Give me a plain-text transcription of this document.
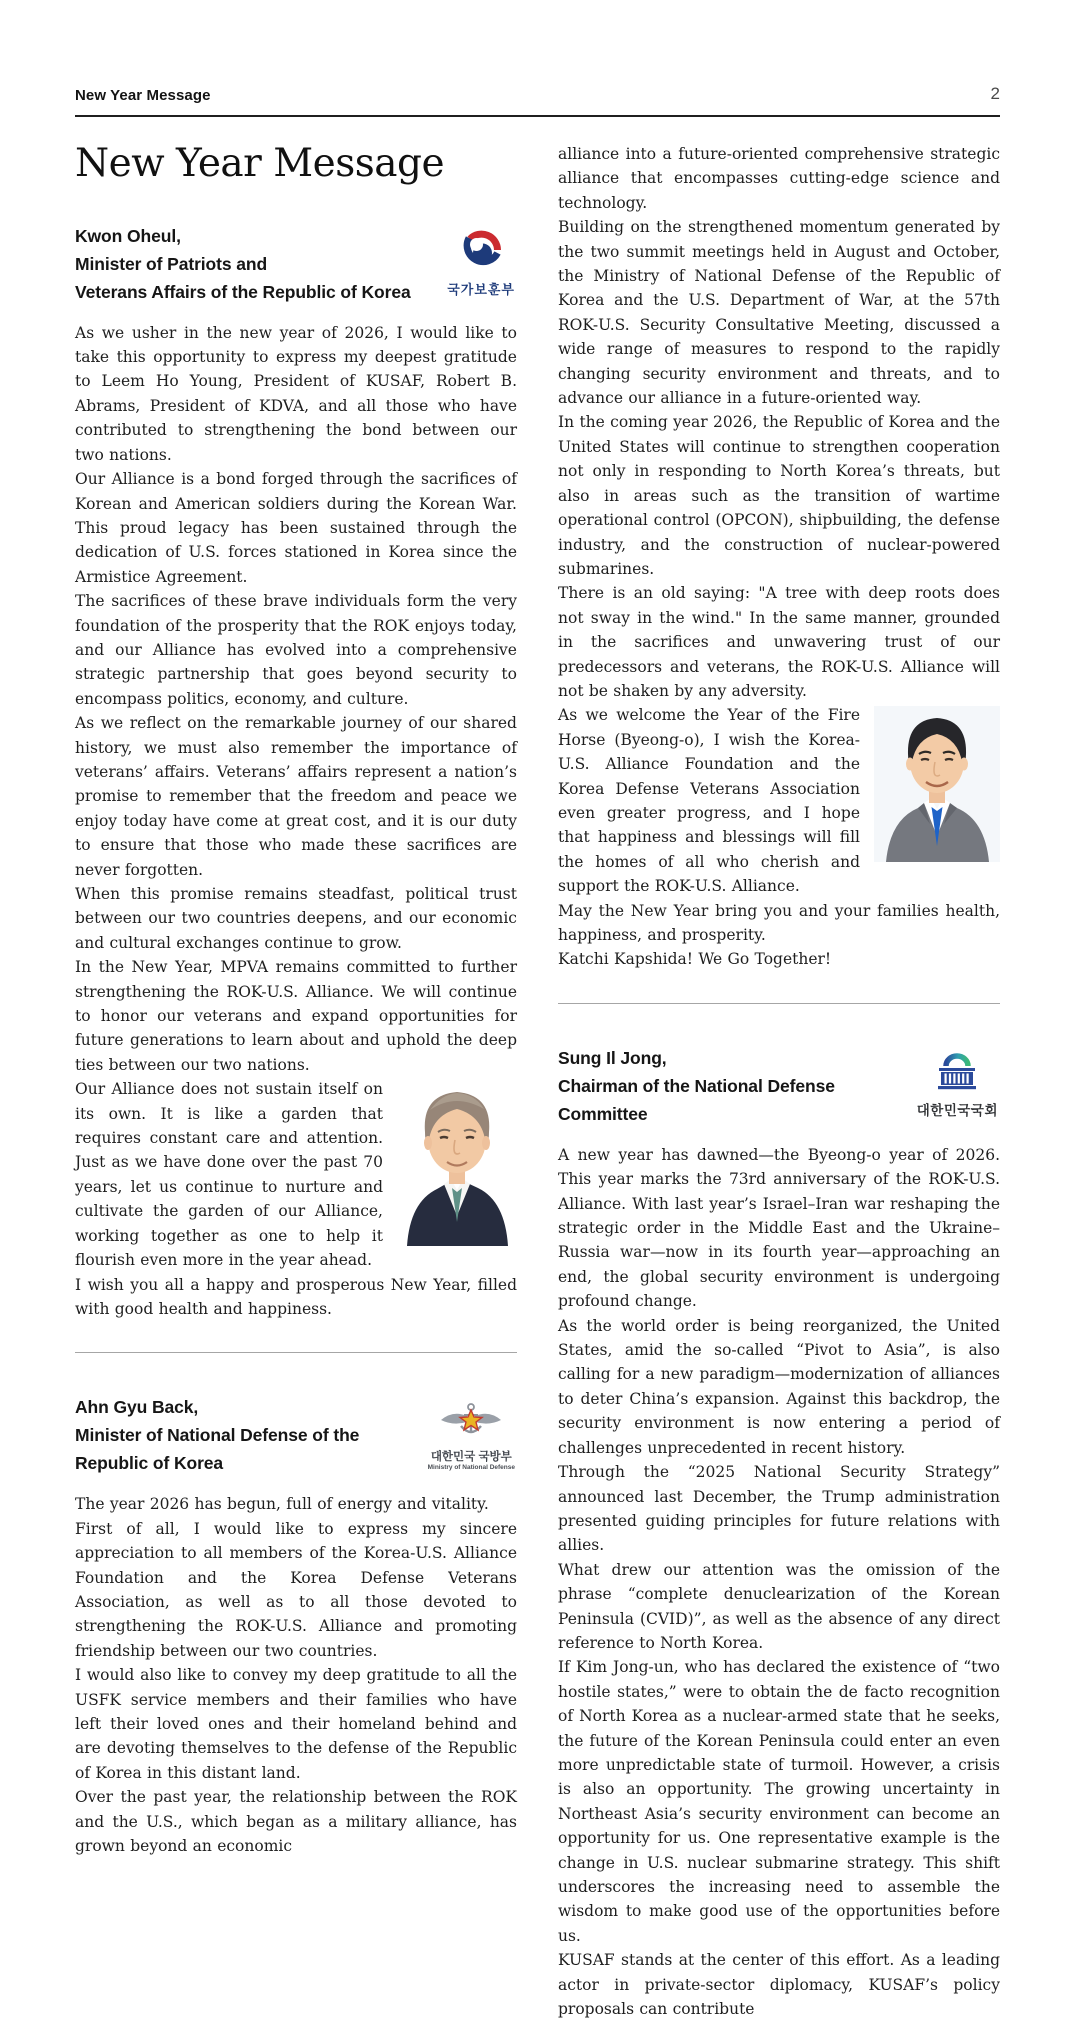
New Year Message	2
New Year Message
Kwon Oheul,
Minister of Patriots and
Veterans Affairs of the Republic of Korea	국가보훈부

As we usher in the new year of 2026, I would like to take this opportunity to express my deepest gratitude to Leem Ho Young, President of KUSAF, Robert B. Abrams, President of KDVA, and all those who have contributed to strengthening the bond between our two nations.

Our Alliance is a bond forged through the sacrifices of Korean and American soldiers during the Korean War. This proud legacy has been sustained through the dedication of U.S. forces stationed in Korea since the Armistice Agreement.

The sacrifices of these brave individuals form the very foundation of the prosperity that the ROK enjoys today, and our Alliance has evolved into a comprehensive strategic partnership that goes beyond security to encompass politics, economy, and culture.

As we reflect on the remarkable journey of our shared history, we must also remember the importance of veterans’ affairs. Veterans’ affairs represent a nation’s promise to remember that the freedom and peace we enjoy today have come at great cost, and it is our duty to ensure that those who made these sacrifices are never forgotten.

When this promise remains steadfast, political trust between our two countries deepens, and our economic and cultural exchanges continue to grow.

In the New Year, MPVA remains committed to further strengthening the ROK-U.S. Alliance. We will continue to honor our veterans and expand opportunities for future generations to learn about and uphold the deep ties between our two nations.

Our Alliance does not sustain itself on its own. It is like a garden that requires constant care and attention. Just as we have done over the past 70 years, let us continue to nurture and cultivate the garden of our Alliance, working together as one to help it flourish even more in the year ahead.

I wish you all a happy and prosperous New Year, filled with good health and happiness.

Ahn Gyu Back,
Minister of National Defense of the
Republic of Korea	대한민국 국방부
Ministry of National Defense

The year 2026 has begun, full of energy and vitality.

First of all, I would like to express my sincere appreciation to all members of the Korea-U.S. Alliance Foundation and the Korea Defense Veterans Association, as well as to all those devoted to strengthening the ROK-U.S. Alliance and promoting friendship between our two countries.

I would also like to convey my deep gratitude to all the USFK service members and their families who have left their loved ones and their homeland behind and are devoting themselves to the defense of the Republic of Korea in this distant land.

Over the past year, the relationship between the ROK and the U.S., which began as a military alliance, has grown beyond an economic

alliance into a future-oriented comprehensive strategic alliance that encompasses cutting-edge science and technology.

Building on the strengthened momentum generated by the two summit meetings held in August and October, the Ministry of National Defense of the Republic of Korea and the U.S. Department of War, at the 57th ROK-U.S. Security Consultative Meeting, discussed a wide range of measures to respond to the rapidly changing security environment and threats, and to advance our alliance in a future-oriented way.

In the coming year 2026, the Republic of Korea and the United States will continue to strengthen cooperation not only in responding to North Korea’s threats, but also in areas such as the transition of wartime operational control (OPCON), shipbuilding, the defense industry, and the construction of nuclear-powered submarines.

There is an old saying: "A tree with deep roots does not sway in the wind." In the same manner, grounded in the sacrifices and unwavering trust of our predecessors and veterans, the ROK-U.S. Alliance will not be shaken by any adversity.

As we welcome the Year of the Fire Horse (Byeong-o), I wish the Korea-U.S. Alliance Foundation and the Korea Defense Veterans Association even greater progress, and I hope that happiness and blessings will fill the homes of all who cherish and support the ROK-U.S. Alliance.

May the New Year bring you and your families health, happiness, and prosperity.

Katchi Kapshida! We Go Together!

Sung Il Jong,
Chairman of the National Defense Committee	대한민국국회

A new year has dawned—the Byeong-o year of 2026. This year marks the 73rd anniversary of the ROK-U.S. Alliance. With last year’s Israel–Iran war reshaping the strategic order in the Middle East and the Ukraine–Russia war—now in its fourth year—approaching an end, the global security environment is undergoing profound change.

As the world order is being reorganized, the United States, amid the so-called “Pivot to Asia”, is also calling for a new paradigm—modernization of alliances to deter China’s expansion. Against this backdrop, the security environment is now entering a period of challenges unprecedented in recent history.

Through the “2025 National Security Strategy” announced last December, the Trump administration presented guiding principles for future relations with allies.

What drew our attention was the omission of the phrase “complete denuclearization of the Korean Peninsula (CVID)”, as well as the absence of any direct reference to North Korea.

If Kim Jong-un, who has declared the existence of “two hostile states,” were to obtain the de facto recognition of North Korea as a nuclear-armed state that he seeks, the future of the Korean Peninsula could enter an even more unpredictable state of turmoil. However, a crisis is also an opportunity. The growing uncertainty in Northeast Asia’s security environment can become an opportunity for us. One representative example is the change in U.S. nuclear submarine strategy. This shift underscores the increasing need to assemble the wisdom to make good use of the opportunities before us.

KUSAF stands at the center of this effort. As a leading actor in private-sector diplomacy, KUSAF’s policy proposals can contribute
